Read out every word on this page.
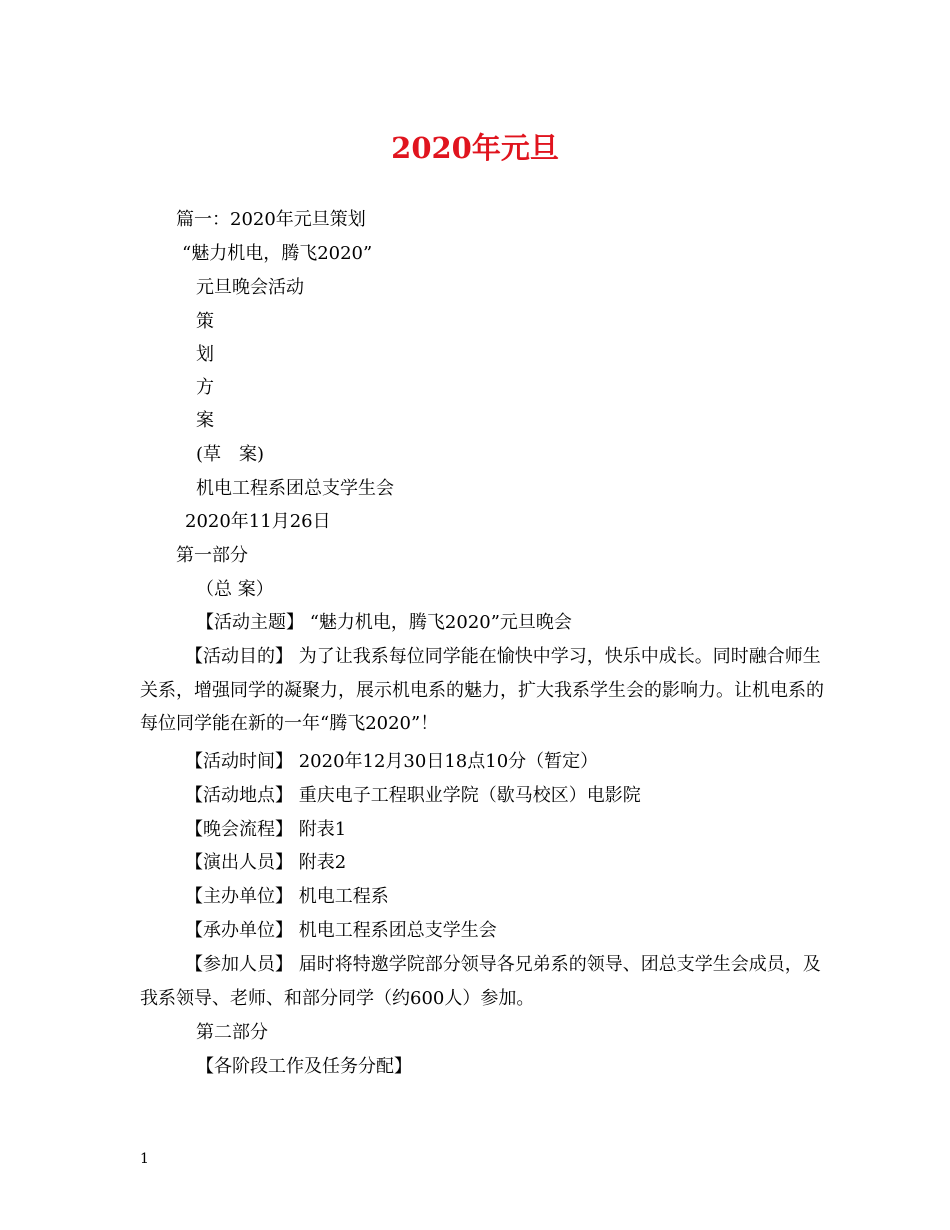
2020年元旦
篇一：2020年元旦策划
“魅力机电，腾飞2020”
元旦晚会活动
策
划
方
案
(草　案)
机电工程系团总支学生会
2020年11月26日
第一部分
（总 案）
【活动主题】 “魅力机电，腾飞2020”元旦晚会
【活动目的】 为了让我系每位同学能在愉快中学习，快乐中成长。同时融合师生关系，增强同学的凝聚力，展示机电系的魅力，扩大我系学生会的影响力。让机电系的每位同学能在新的一年“腾飞2020”！
【活动时间】 2020年12月30日18点10分（暂定）
【活动地点】 重庆电子工程职业学院（歇马校区）电影院
【晚会流程】 附表1
【演出人员】 附表2
【主办单位】 机电工程系
【承办单位】 机电工程系团总支学生会
【参加人员】 届时将特邀学院部分领导各兄弟系的领导、团总支学生会成员，及我系领导、老师、和部分同学（约600人）参加。
第二部分
【各阶段工作及任务分配】
1
